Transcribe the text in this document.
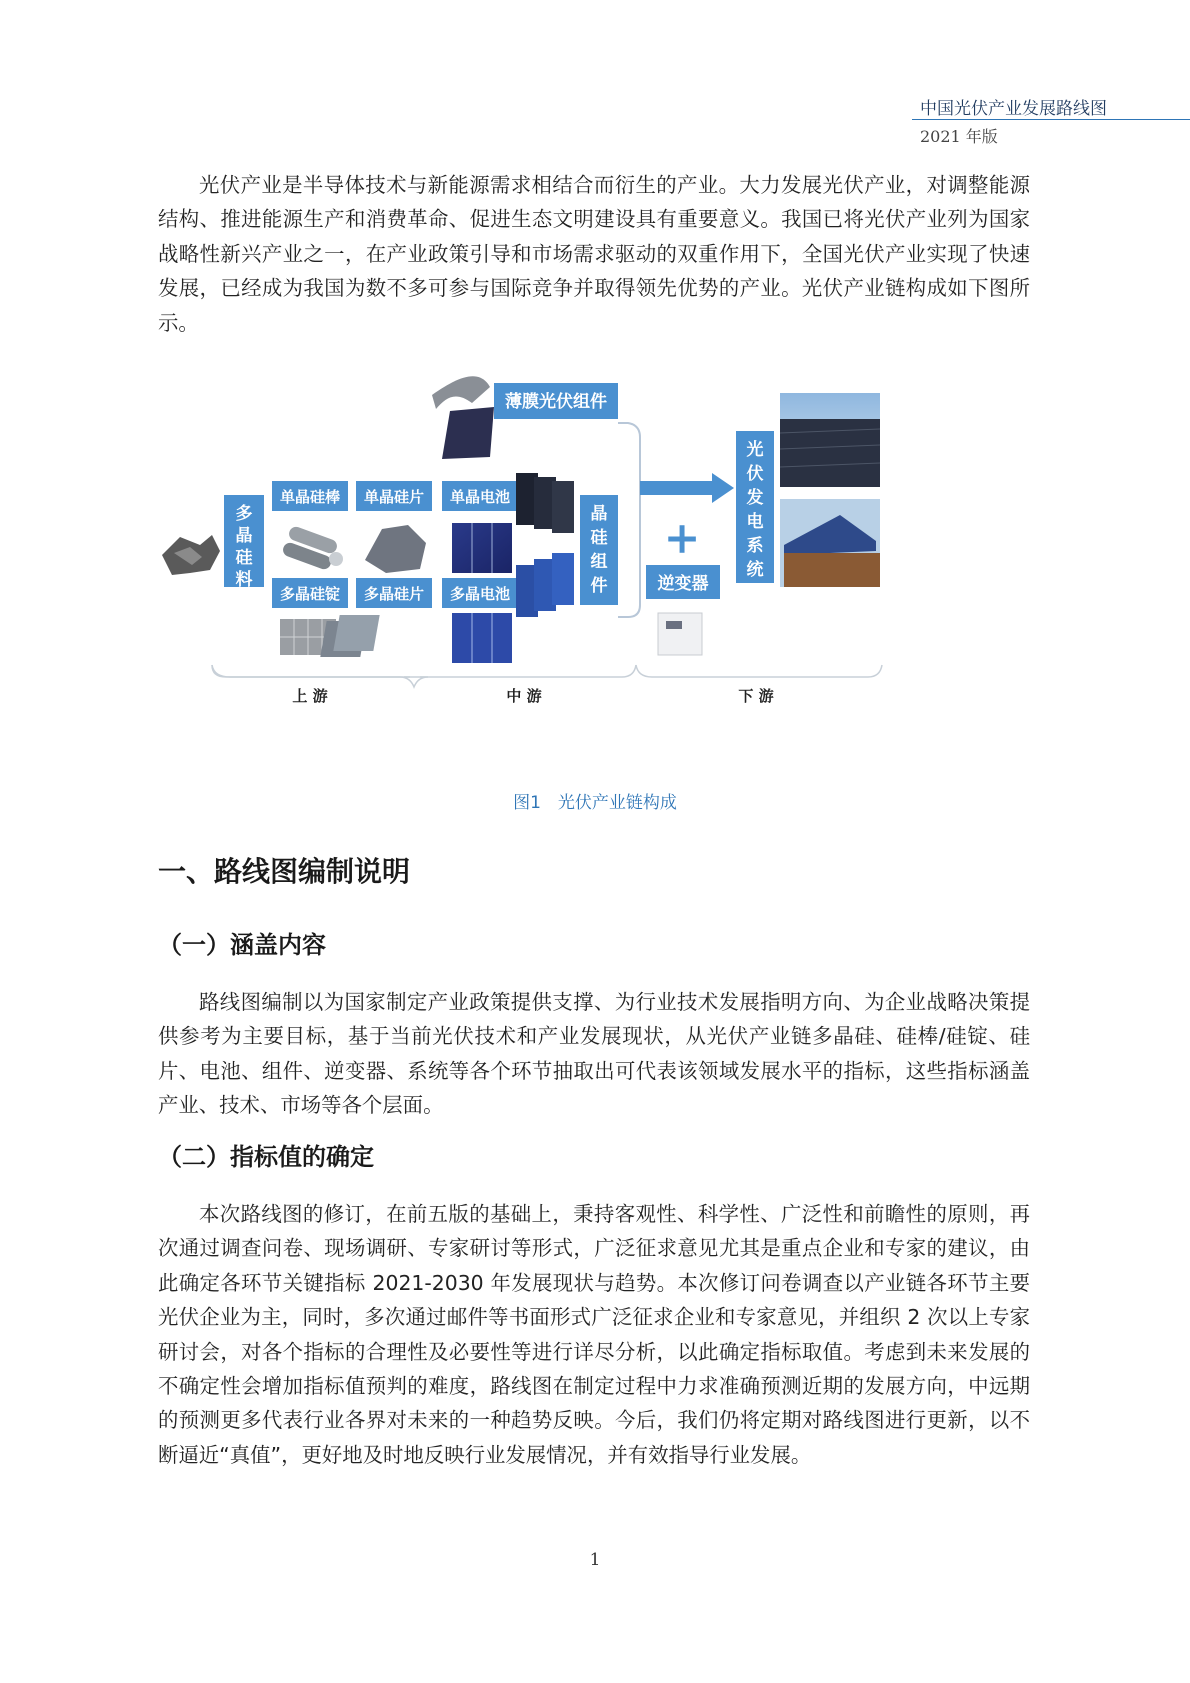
中国光伏产业发展路线图
2021 年版

光伏产业是半导体技术与新能源需求相结合而衍生的产业。大力发展光伏产业，对调整能源结构、推进能源生产和消费革命、促进生态文明建设具有重要意义。我国已将光伏产业列为国家战略性新兴产业之一，在产业政策引导和市场需求驱动的双重作用下，全国光伏产业实现了快速发展，已经成为我国为数不多可参与国际竞争并取得领先优势的产业。光伏产业链构成如下图所示。

多晶硅料
单晶硅棒 单晶硅片 单晶电池
多晶硅锭 多晶硅片 多晶电池
薄膜光伏组件
晶硅组件
+
逆变器
光伏发电系统
上 游	中 游	下 游
图1　光伏产业链构成
一、路线图编制说明
（一）涵盖内容

路线图编制以为国家制定产业政策提供支撑、为行业技术发展指明方向、为企业战略决策提供参考为主要目标，基于当前光伏技术和产业发展现状，从光伏产业链多晶硅、硅棒/硅锭、硅片、电池、组件、逆变器、系统等各个环节抽取出可代表该领域发展水平的指标，这些指标涵盖产业、技术、市场等各个层面。

（二）指标值的确定

本次路线图的修订，在前五版的基础上，秉持客观性、科学性、广泛性和前瞻性的原则，再次通过调查问卷、现场调研、专家研讨等形式，广泛征求意见尤其是重点企业和专家的建议，由此确定各环节关键指标 2021-2030 年发展现状与趋势。本次修订问卷调查以产业链各环节主要光伏企业为主，同时，多次通过邮件等书面形式广泛征求企业和专家意见，并组织 2 次以上专家研讨会，对各个指标的合理性及必要性等进行详尽分析，以此确定指标取值。考虑到未来发展的不确定性会增加指标值预判的难度，路线图在制定过程中力求准确预测近期的发展方向，中远期的预测更多代表行业各界对未来的一种趋势反映。今后，我们仍将定期对路线图进行更新，以不断逼近“真值”，更好地及时地反映行业发展情况，并有效指导行业发展。

1
